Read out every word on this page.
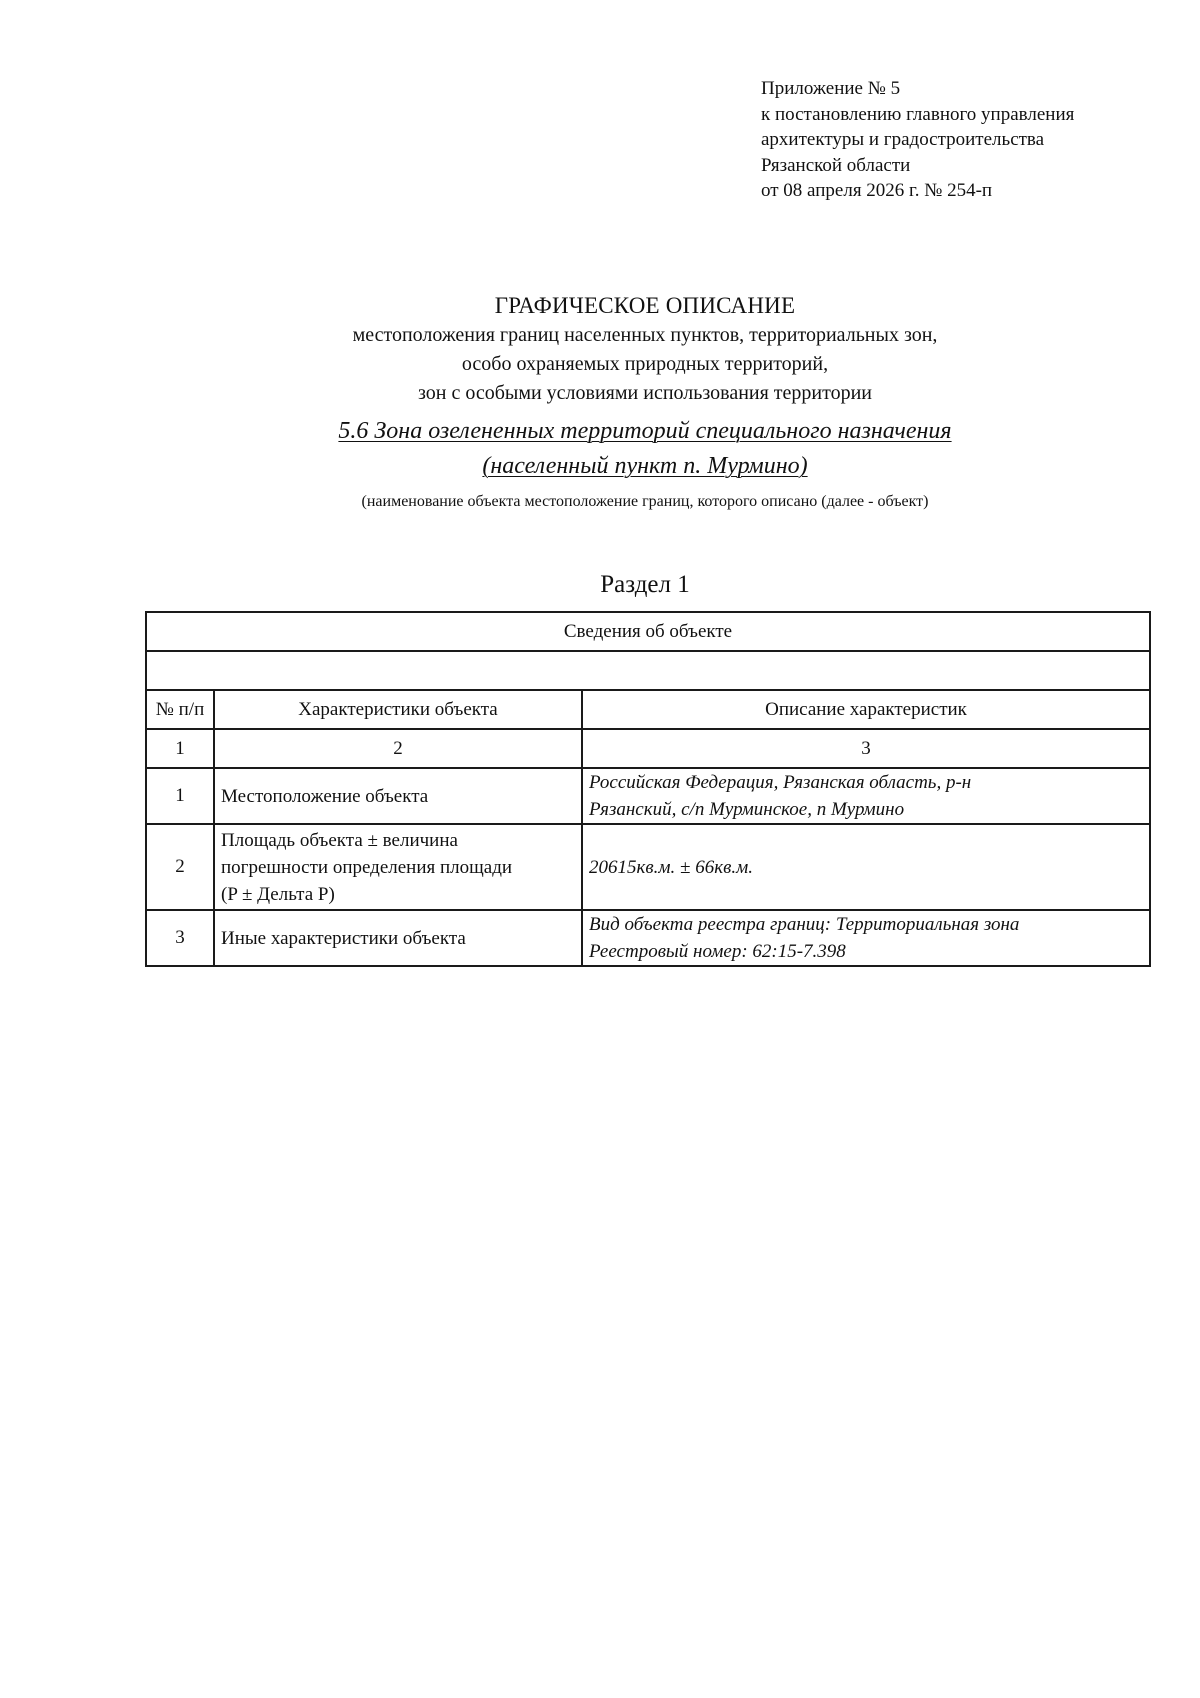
Приложение № 5
к постановлению главного управления
архитектуры и градостроительства
Рязанской области
от 08 апреля 2026 г. № 254-п
ГРАФИЧЕСКОЕ ОПИСАНИЕ
местоположения границ населенных пунктов, территориальных зон,
особо охраняемых природных территорий,
зон с особыми условиями использования территории
5.6 Зона озелененных территорий специального назначения
(населенный пункт п. Мурмино)
(наименование объекта местоположение границ, которого описано (далее - объект)
Раздел 1
Сведения об объекте		

№ п/п	Характеристики объекта	Описание характеристик
1	2	3
1	Местоположение объекта	Российская Федерация, Рязанская область, р-н
Рязанский, с/п Мурминское, п Мурмино

2	Площадь объекта ± величина
погрешности определения площади
(P ± Дельта P)	20615кв.м. ± 66кв.м.

3	Иные характеристики объекта	Вид объекта реестра границ: Территориальная зона
Реестровый номер: 62:15-7.398
